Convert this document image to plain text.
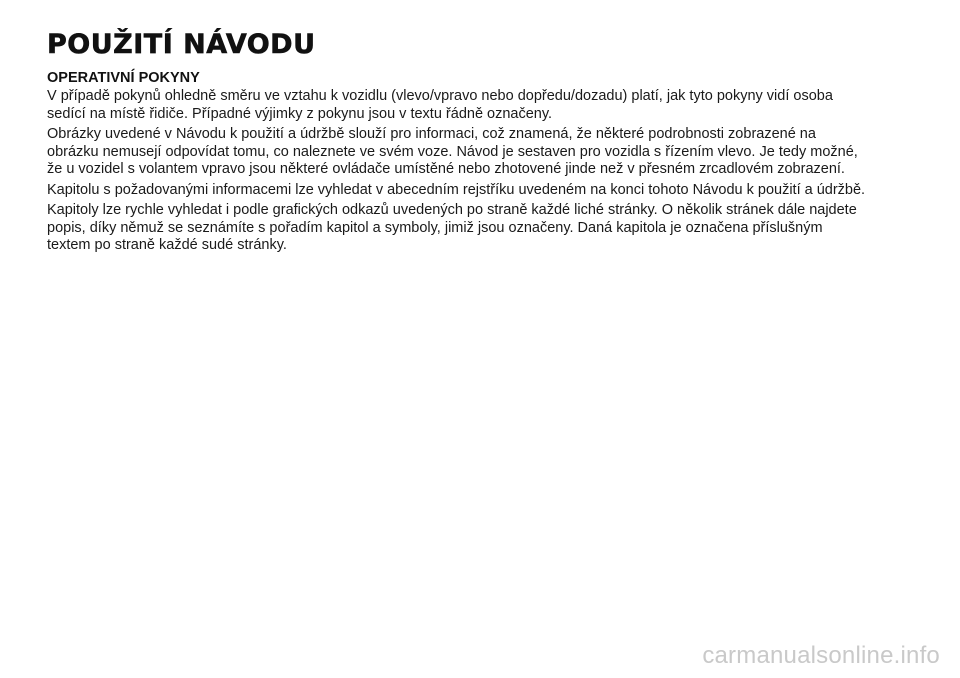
POUŽITÍ NÁVODU
OPERATIVNÍ POKYNY

V případě pokynů ohledně směru ve vztahu k vozidlu (vlevo/vpravo nebo dopředu/dozadu) platí, jak tyto pokyny vidí osoba sedící na místě řidiče. Případné výjimky z pokynu jsou v textu řádně označeny.

Obrázky uvedené v Návodu k použití a údržbě slouží pro informaci, což znamená, že některé podrobnosti zobrazené na obrázku nemusejí odpovídat tomu, co naleznete ve svém voze. Návod je sestaven pro vozidla s řízením vlevo. Je tedy možné, že u vozidel s volantem vpravo jsou některé ovládače umístěné nebo zhotovené jinde než v přesném zrcadlovém zobrazení.

Kapitolu s požadovanými informacemi lze vyhledat v abecedním rejstříku uvedeném na konci tohoto Návodu k použití a údržbě.

Kapitoly lze rychle vyhledat i podle grafických odkazů uvedených po straně každé liché stránky. O několik stránek dále najdete popis, díky němuž se seznámíte s pořadím kapitol a symboly, jimiž jsou označeny. Daná kapitola je označena příslušným textem po straně každé sudé stránky.

carmanualsonline.info
